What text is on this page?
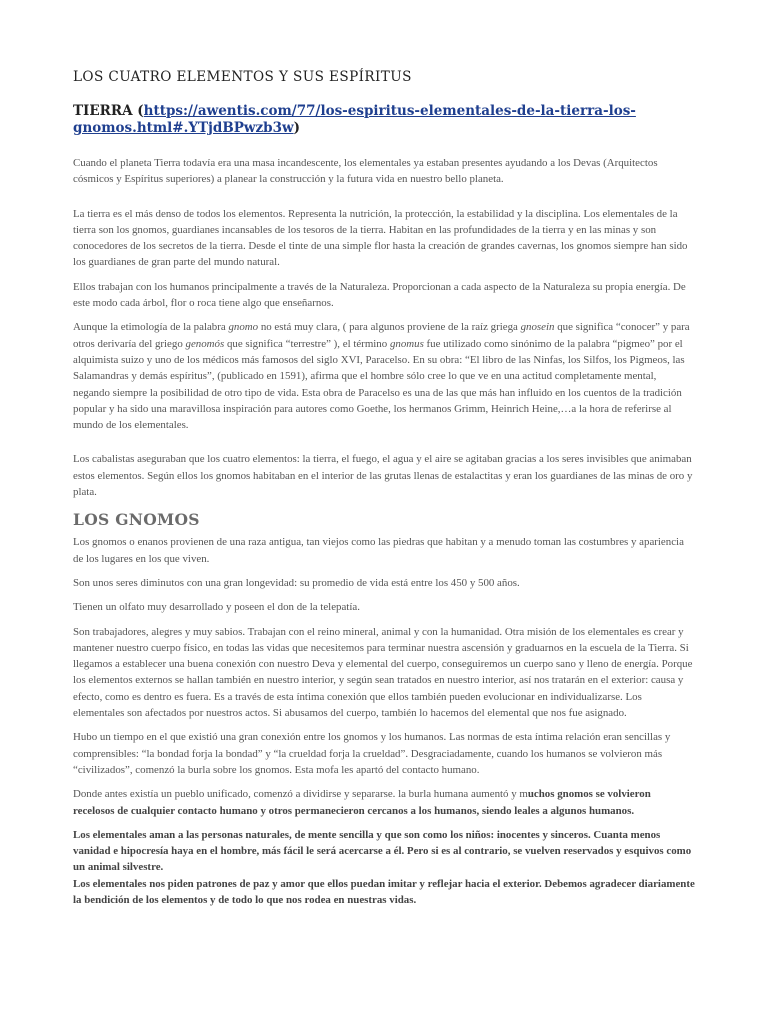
LOS CUATRO ELEMENTOS Y SUS ESPÍRITUS
TIERRA (https://awentis.com/77/los-espiritus-elementales-de-la-tierra-los-gnomos.html#.YTjdBPwzb3w)

Cuando el planeta Tierra todavía era una masa incandescente, los elementales ya estaban presentes ayudando a los Devas (Arquitectos cósmicos y Espíritus superiores) a planear la construcción y la futura vida en nuestro bello planeta.

La tierra es el más denso de todos los elementos. Representa la nutrición, la protección, la estabilidad y la disciplina. Los elementales de la tierra son los gnomos, guardianes incansables de los tesoros de la tierra. Habitan en las profundidades de la tierra y en las minas y son conocedores de los secretos de la tierra. Desde el tinte de una simple flor hasta la creación de grandes cavernas, los gnomos siempre han sido los guardianes de gran parte del mundo natural.

Ellos trabajan con los humanos principalmente a través de la Naturaleza. Proporcionan a cada aspecto de la Naturaleza su propia energía. De este modo cada árbol, flor o roca tiene algo que enseñarnos.

Aunque la etimología de la palabra gnomo no está muy clara, ( para algunos proviene de la raíz griega gnosein que significa “conocer” y para otros derivaría del griego genomós que significa “terrestre” ), el término gnomus fue utilizado como sinónimo de la palabra “pigmeo” por el alquimista suizo y uno de los médicos más famosos del siglo XVI, Paracelso. En su obra: “El libro de las Ninfas, los Silfos, los Pigmeos, las Salamandras y demás espíritus”, (publicado en 1591), afirma que el hombre sólo cree lo que ve en una actitud completamente mental, negando siempre la posibilidad de otro tipo de vida. Esta obra de Paracelso es una de las que más han influido en los cuentos de la tradición popular y ha sido una maravillosa inspiración para autores como Goethe, los hermanos Grimm, Heinrich Heine,…a la hora de referirse al mundo de los elementales.

Los cabalistas aseguraban que los cuatro elementos: la tierra, el fuego, el agua y el aire se agitaban gracias a los seres invisibles que animaban estos elementos. Según ellos los gnomos habitaban en el interior de las grutas llenas de estalactitas y eran los guardianes de las minas de oro y plata.

LOS GNOMOS

Los gnomos o enanos provienen de una raza antigua, tan viejos como las piedras que habitan y a menudo toman las costumbres y apariencia de los lugares en los que viven.

Son unos seres diminutos con una gran longevidad: su promedio de vida está entre los 450 y 500 años.

Tienen un olfato muy desarrollado y poseen el don de la telepatía.

Son trabajadores, alegres y muy sabios. Trabajan con el reino mineral, animal y con la humanidad. Otra misión de los elementales es crear y mantener nuestro cuerpo físico, en todas las vidas que necesitemos para terminar nuestra ascensión y graduarnos en la escuela de la Tierra. Si llegamos a establecer una buena conexión con nuestro Deva y elemental del cuerpo, conseguiremos un cuerpo sano y lleno de energía. Porque los elementos externos se hallan también en nuestro interior, y según sean tratados en nuestro interior, así nos tratarán en el exterior: causa y efecto, como es dentro es fuera. Es a través de esta íntima conexión que ellos también pueden evolucionar en individualizarse. Los elementales son afectados por nuestros actos. Si abusamos del cuerpo, también lo hacemos del elemental que nos fue asignado.

Hubo un tiempo en el que existió una gran conexión entre los gnomos y los humanos. Las normas de esta íntima relación eran sencillas y comprensibles: “la bondad forja la bondad” y “la crueldad forja la crueldad”. Desgraciadamente, cuando los humanos se volvieron más “civilizados”, comenzó la burla sobre los gnomos. Esta mofa les apartó del contacto humano.

Donde antes existía un pueblo unificado, comenzó a dividirse y separarse. la burla humana aumentó y muchos gnomos se volvieron recelosos de cualquier contacto humano y otros permanecieron cercanos a los humanos, siendo leales a algunos humanos.

Los elementales aman a las personas naturales, de mente sencilla y que son como los niños: inocentes y sinceros. Cuanta menos vanidad e hipocresía haya en el hombre, más fácil le será acercarse a él. Pero si es al contrario, se vuelven reservados y esquivos como un animal silvestre.

Los elementales nos piden patrones de paz y amor que ellos puedan imitar y reflejar hacia el exterior. Debemos agradecer diariamente la bendición de los elementos y de todo lo que nos rodea en nuestras vidas.
